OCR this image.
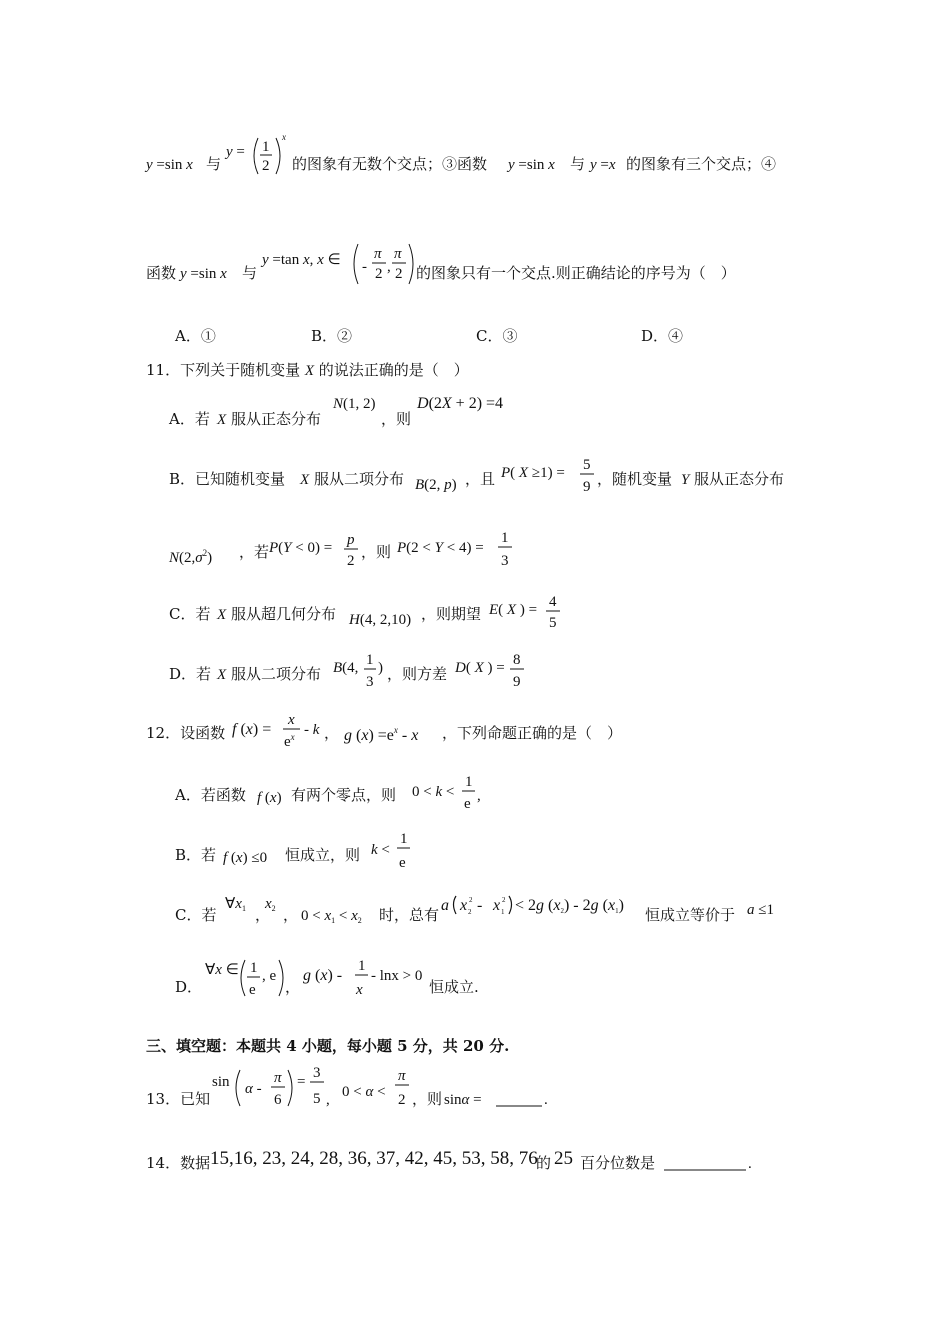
y =sin x 与
y = 1
2
x
的图象有无数个交点；③函数 y =sin x 与 y =x 的图象有三个交点；④
函数 y =sin x 与
y =tan x, x ∈ -
π
2 ,
π
2 的图象只有一个交点.则正确结论的序号为（　）
A．①	B．②	C．③	D．④
11．下列关于随机变量 X 的说法正确的是（　）
A．若 X 服从正态分布
N(1, 2)
，则
D(2X + 2) =4
B．已知随机变量 X 服从二项分布 B(2, p) ，且 P( X ≥1) = 5
9 ，随机变量 Y 服从正态分布
$N(2,\sigma^2)$ ，若 P(Y < 0) = p
2 ，则 P(2 < Y < 4) =
1
3
C．若 X 服从超几何分布 H(4, 2,10) ，则期望 E( X ) = 4
5
D．若 X 服从二项分布 B(4, 1
3
) ，则方差 D( X ) = 8
9
12．设函数 f (x) =
x
$e^x$ - k ， g $(x) =e^x - x$ ，下列命题正确的是（　）
A．若函数 f (x) 有两个零点，则 0 < k <
1
e ,
B．若 f (x) ≤0 恒成立，则 k <
1
e
C．若
$\forall x_1$ ，
$x_2$ ， $0 < x_1 < x_2$ 时，总有
a x 2
2 - x 2
1 < 2g (x2) - 2g (x1)
恒成立等价于 a ≤1
D．
∀x ∈ 1
e
, e
，
g (x) -
1
x
- lnx > 0
恒成立.
三、填空题：本题共 4 小题，每小题 5 分，共 20 分.
13．已知
sin α -
π
6
=
3
5 , 0 < α <
π
2 ，则 sinα =	.
14．数据 15,16, 23, 24, 28, 36, 37, 42, 45, 53, 58, 76
的 25 百分位数是	.
